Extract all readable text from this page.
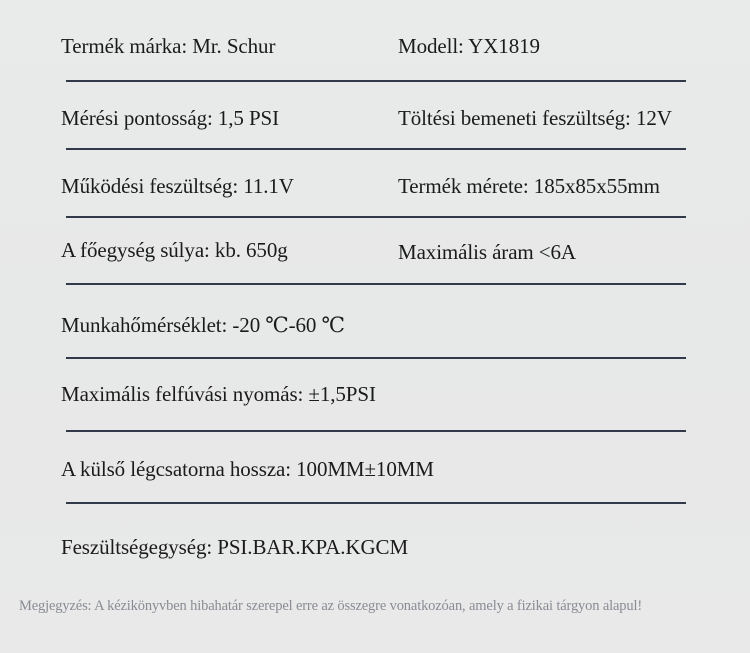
Termék márka: Mr. Schur	Modell: YX1819
Mérési pontosság: 1,5 PSI	Töltési bemeneti feszültség: 12V
Működési feszültség: 11.1V	Termék mérete: 185x85x55mm
A főegység súlya: kb. 650g	Maximális áram <6A
Munkahőmérséklet: -20 ℃-60 ℃
Maximális felfúvási nyomás: ±1,5PSI
A külső légcsatorna hossza: 100MM±10MM
Feszültségegység: PSI.BAR.KPA.KGCM
Megjegyzés: A kézikönyvben hibahatár szerepel erre az összegre vonatkozóan, amely a fizikai tárgyon alapul!
